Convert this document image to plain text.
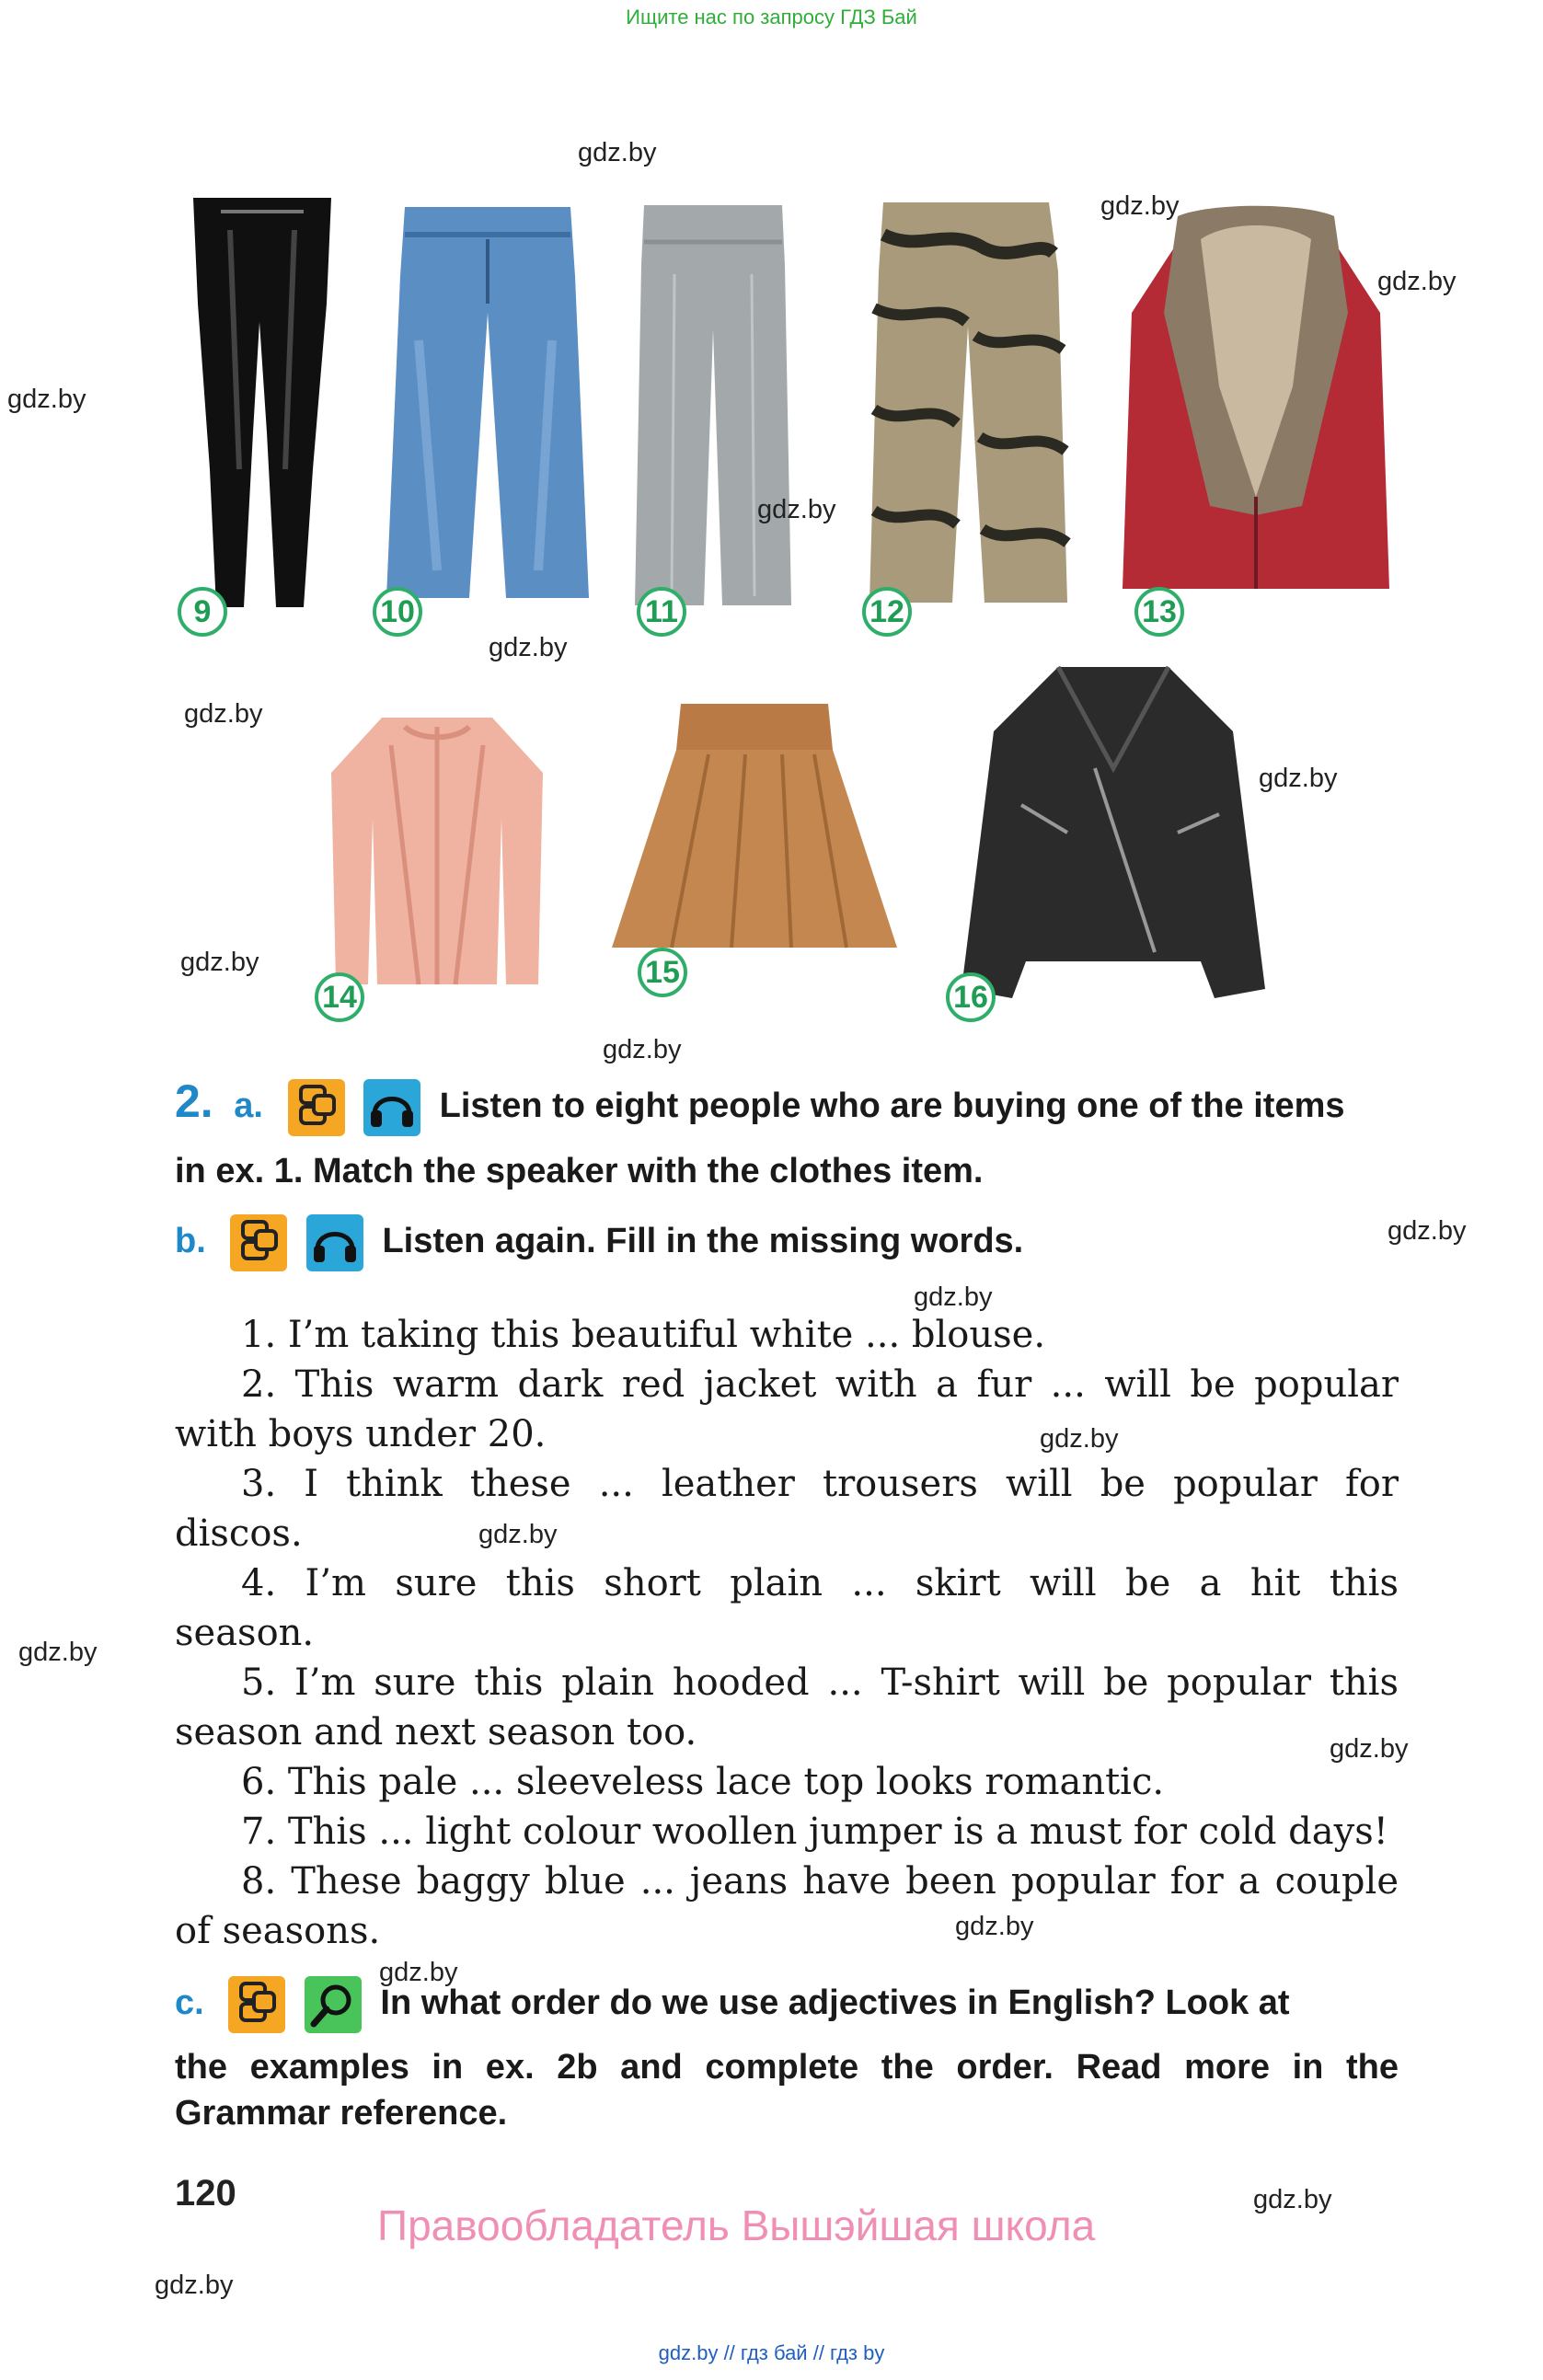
Ищите нас по запросу ГДЗ Бай
9	10	11	12	13
14
15
16
gdz.by
gdz.by
gdz.by
gdz.by
gdz.by
gdz.by
gdz.by
gdz.by
gdz.by
gdz.by
gdz.by
gdz.by
gdz.by
gdz.by
gdz.by
gdz.by
gdz.by
gdz.by
gdz.by
gdz.by
2. a.	Listen to eight people who are buying one of the items
in ex. 1. Match the speaker with the clothes item.
b.	Listen again. Fill in the missing words.
1. I’m taking this beautiful white ... blouse.
2. This warm dark red jacket with a fur ... will be popular
with boys under 20.
3. I think these ... leather trousers will be popular for
discos.
4. I’m sure this short plain ... skirt will be a hit this
season.
5. I’m sure this plain hooded ... T-shirt will be popular this
season and next season too.
6. This pale ... sleeveless lace top looks romantic.
7. This ... light colour woollen jumper is a must for cold days!
8. These baggy blue ... jeans have been popular for a couple
of seasons.
c.	In what order do we use adjectives in English? Look at
the examples in ex. 2b and complete the order. Read more in the
Grammar reference.
120
Правообладатель Вышэйшая школа
gdz.by // гдз бай // гдз by
